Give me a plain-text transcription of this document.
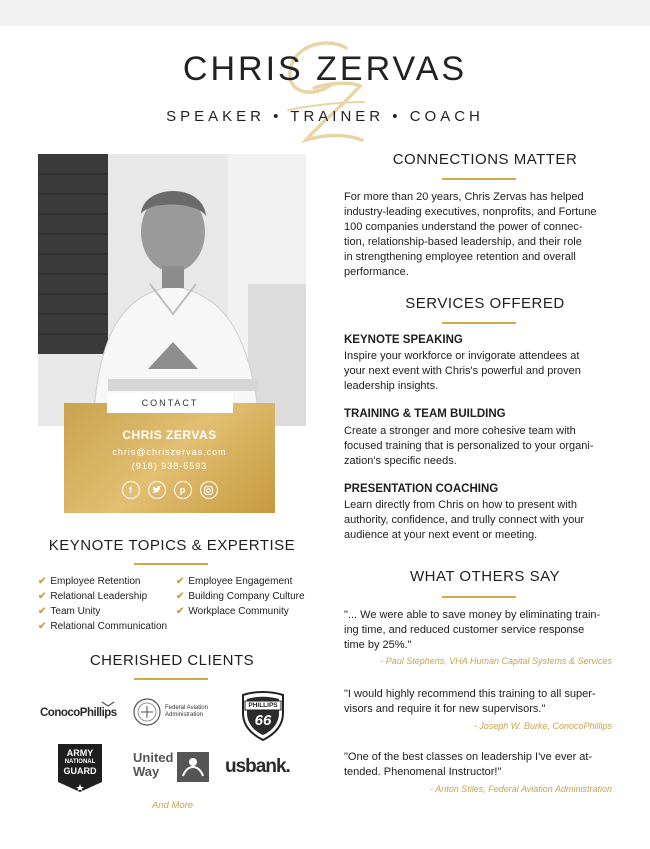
CHRIS ZERVAS
SPEAKER • TRAINER • COACH
CHRIS ZERVAS
chris@chriszervas.com
(918) 938-5593
f	p
CONTACT
CONNECTIONS MATTER
For more than 20 years, Chris Zervas has helped
industry-leading executives, nonprofits, and Fortune
100 companies understand the power of connec-
tion, relationship-based leadership, and their role
in strengthening employee retention and overall
performance.
SERVICES OFFERED
KEYNOTE SPEAKING
Inspire your workforce or invigorate attendees at
your next event with Chris's powerful and proven
leadership insights.
TRAINING & TEAM BUILDING
Create a stronger and more cohesive team with
focused training that is personalized to your organi-
zation's specific needs.
PRESENTATION COACHING
Learn directly from Chris on how to present with
authority, confidence, and trully connect with your
audience at your next event or meeting.
WHAT OTHERS SAY
"... We were able to save money by eliminating train-
ing time, and reduced customer service response
time by 25%."
- Paul Stephens, VHA Human Capital Systems & Services
"I would highly recommend this training to all super-
visors and require it for new supervisors."
- Joseph W. Burke, ConocoPhillips
"One of the best classes on leadership I've ever at-
tended. Phenomenal Instructor!"
- Anton Stiles, Federal Aviation Administration
KEYNOTE TOPICS & EXPERTISE
✔ Employee Retention
✔ Relational Leadership
✔ Team Unity
✔ Relational Communication
✔ Employee Engagement
✔ Building Company Culture
✔ Workplace Community
CHERISHED CLIENTS
ConocoPhillips	Federal Aviation
Administration
PHILLIPS
66
ARMY
NATIONAL
GUARD
United
Way	usbank.
And More
